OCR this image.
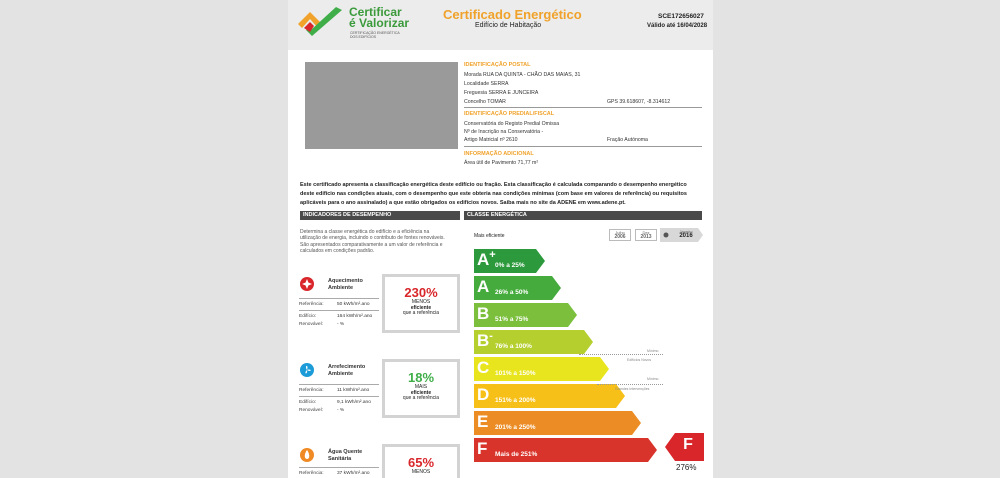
Certificar
é Valorizar
CERTIFICAÇÃO ENERGÉTICA DOS EDIFÍCIOS
Certificado Energético
Edifício de Habitação
SCE172656027
Válido até 16/04/2028
IDENTIFICAÇÃO POSTAL
Morada RUA DA QUINTA - CHÃO DAS MAIAS, 31
Localidade SERRA
Freguesia SERRA E JUNCEIRA
Concelho TOMAR	GPS 39.618607, -8.314612
IDENTIFICAÇÃO PREDIAL/FISCAL
Conservatória do Registo Predial Omissa
Nº de Inscrição na Conservatória -
Artigo Matricial nº 2610	Fração Autónoma
INFORMAÇÃO ADICIONAL
Área útil de Pavimento 71,77 m²
Este certificado apresenta a classificação energética deste edifício ou fração. Esta classificação é calculada comparando o desempenho energético deste edifício nas condições atuais, com o desempenho que este obteria nas condições mínimas (com base em valores de referência) ou requisitos aplicáveis para o ano assinalado) a que estão obrigados os edifícios novos. Saiba mais no site da ADENE em www.adene.pt.
INDICADORES DE DESEMPENHO	CLASSE ENERGÉTICA
Determina a classe energética do edifício e a eficiência na utilização de energia, incluindo o contributo de fontes renováveis. São apresentados comparativamente a um valor de referência e calculados em condições padrão.
Aquecimento
Ambiente
Referência:	50 kWh/m².ano
Edifício:	164 kWh/m².ano
Renovável:	- %
230%
MENOS
eficiente
que a referência
Arrefecimento
Ambiente
Referência:	11 kWh/m².ano
Edifício:	9,1 kWh/m².ano
Renovável:	- %
18%
MAIS
eficiente
que a referência
Água Quente
Sanitária
Referência:	37 kWh/m².ano
65%
MENOS
Mais eficiente
Julho
2006
Dez
2013
Janeiro
2016
A+
0% a 25%
A 26% a 50%
B 51% a 75%
B-
76% a 100%
C 101% a 150%
D 151% a 200%
E 201% a 250%
F Mais de 251%
Mínimo
Edifícios Novos
Mínimo
Grandes Intervenções
F
276%
